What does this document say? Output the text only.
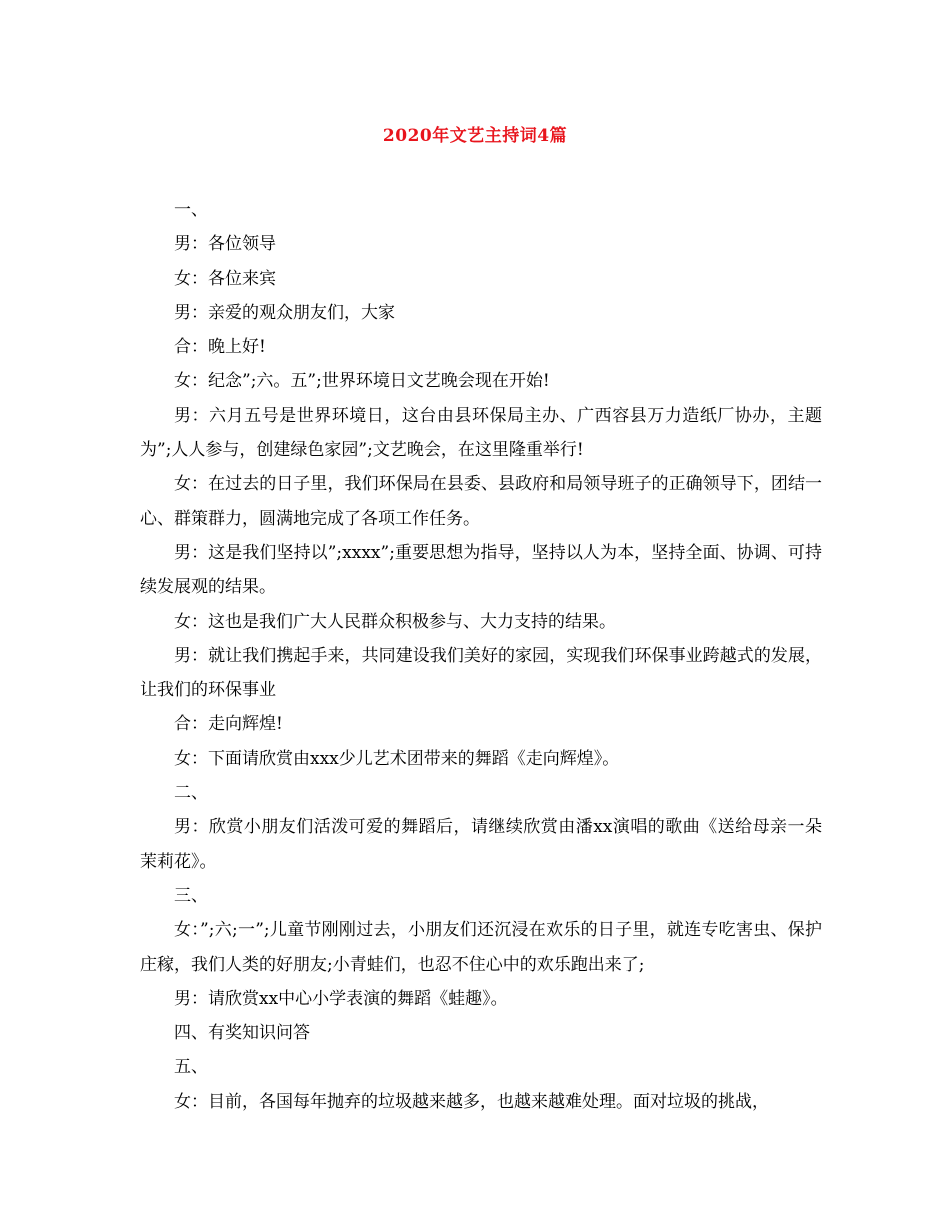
2020年文艺主持词4篇

一、

男：各位领导

女：各位来宾

男：亲爱的观众朋友们，大家

合：晚上好!

女：纪念”;六。五”;世界环境日文艺晚会现在开始!

男：六月五号是世界环境日，这台由县环保局主办、广西容县万力造纸厂协办，主题为”;人人参与，创建绿色家园”;文艺晚会，在这里隆重举行!

女：在过去的日子里，我们环保局在县委、县政府和局领导班子的正确领导下，团结一心、群策群力，圆满地完成了各项工作任务。

男：这是我们坚持以”;xxxx”;重要思想为指导，坚持以人为本，坚持全面、协调、可持续发展观的结果。

女：这也是我们广大人民群众积极参与、大力支持的结果。

男：就让我们携起手来，共同建设我们美好的家园，实现我们环保事业跨越式的发展，让我们的环保事业

合：走向辉煌!

女：下面请欣赏由xxx少儿艺术团带来的舞蹈《走向辉煌》。

二、

男：欣赏小朋友们活泼可爱的舞蹈后，请继续欣赏由潘xx演唱的歌曲《送给母亲一朵茉莉花》。

三、

女：”;六;一”;儿童节刚刚过去，小朋友们还沉浸在欢乐的日子里，就连专吃害虫、保护庄稼，我们人类的好朋友;小青蛙们，也忍不住心中的欢乐跑出来了;

男：请欣赏xx中心小学表演的舞蹈《蛙趣》。

四、有奖知识问答

五、

女：目前，各国每年抛弃的垃圾越来越多，也越来越难处理。面对垃圾的挑战，
